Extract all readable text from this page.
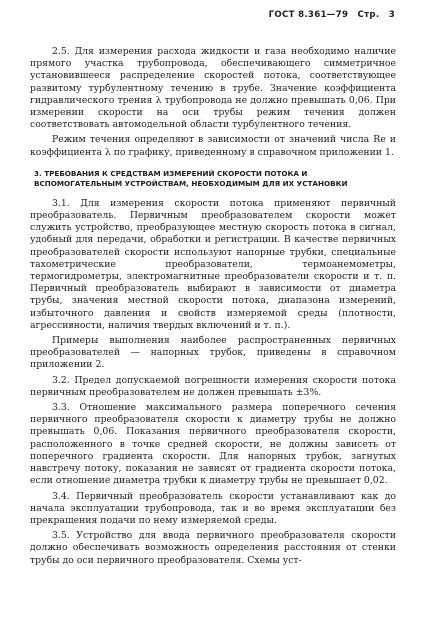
ГОСТ 8.361—79 Стр. 3

2.5. Для измерения расхода жидкости и газа необходимо наличие прямого участка трубопровода, обеспечивающего симметричное установившееся распределение скоростей потока, соответствующее развитому турбулентному течению в трубе. Значение коэффициента гидравлического трения λ трубопровода не должно превышать 0,06. При измерении скорости на оси трубы режим течения должен соответствовать автомодельной области турбулентного течения.

Режим течения определяют в зависимости от значений числа Re и коэффициента λ по графику, приведенному в справочном приложении 1.

3. ТРЕБОВАНИЯ К СРЕДСТВАМ ИЗМЕРЕНИЙ СКОРОСТИ ПОТОКА И ВСПОМОГАТЕЛЬНЫМ УСТРОЙСТВАМ, НЕОБХОДИМЫМ ДЛЯ ИХ УСТАНОВКИ

3.1. Для измерения скорости потока применяют первичный преобразователь. Первичным преобразователем скорости может служить устройство, преобразующее местную скорость потока в сигнал, удобный для передачи, обработки и регистрации. В качестве первичных преобразователей скорости используют напорные трубки, специальные тахометрические преобразователи, термоанемометры, термогидрометры, электромагнитные преобразователи скорости и т. п. Первичный преобразователь выбирают в зависимости от диаметра трубы, значения местной скорости потока, диапазона измерений, избыточного давления и свойств измеряемой среды (плотности, агрессивности, наличия твердых включений и т. п.).

Примеры выполнения наиболее распространенных первичных преобразователей — напорных трубок, приведены в справочном приложении 2.

3.2. Предел допускаемой погрешности измерения скорости потока первичным преобразователем не должен превышать ±3%.

3.3. Отношение максимального размера поперечного сечения первичного преобразователя скорости к диаметру трубы не должно превышать 0,06. Показания первичного преобразователя скорости, расположенного в точке средней скорости, не должны зависеть от поперечного градиента скорости. Для напорных трубок, загнутых навстречу потоку, показания не зависят от градиента скорости потока, если отношение диаметра трубки к диаметру трубы не превышает 0,02.

3.4. Первичный преобразователь скорости устанавливают как до начала эксплуатации трубопровода, так и во время эксплуатации без прекращения подачи по нему измеряемой среды.

3.5. Устройство для ввода первичного преобразователя скорости должно обеспечивать возможность определения расстояния от стенки трубы до оси первичного преобразователя. Схемы уст-
